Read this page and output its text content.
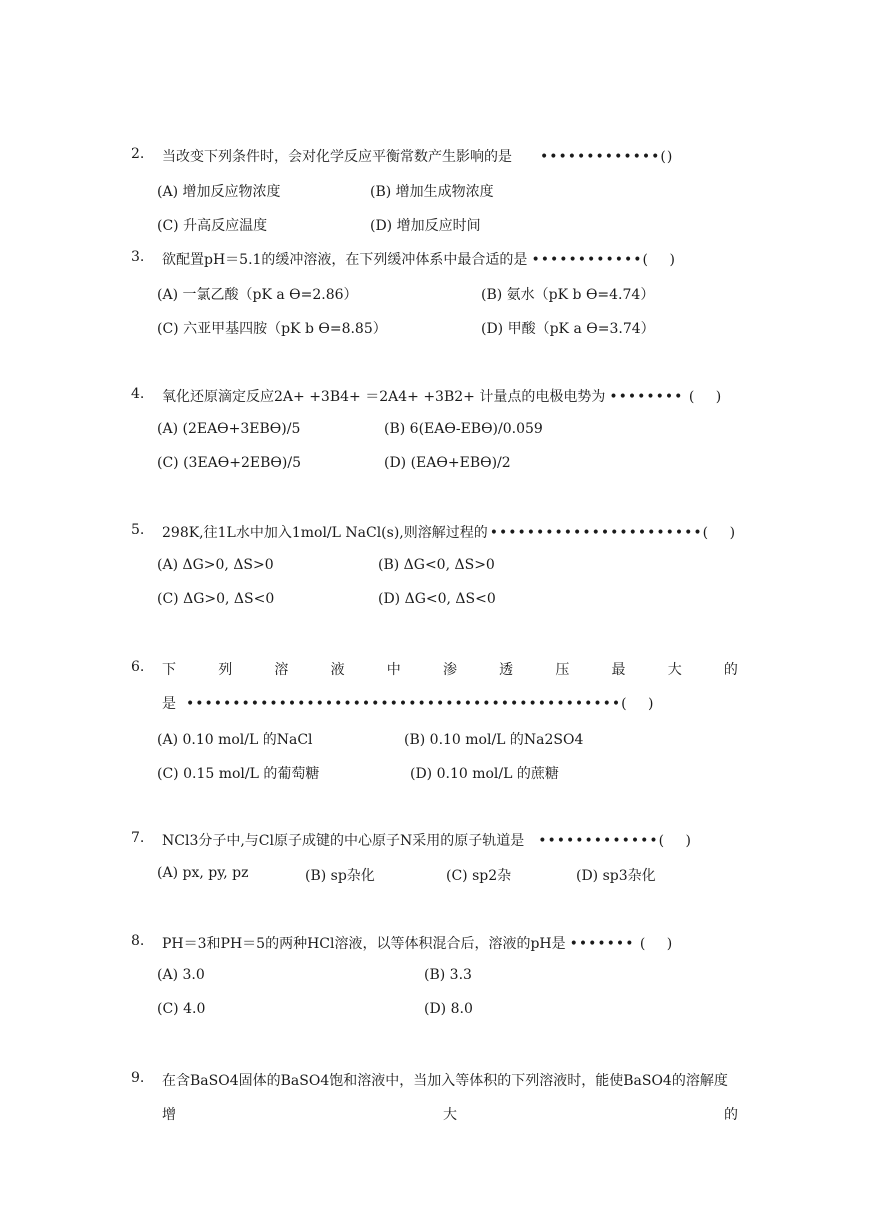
2. 当改变下列条件时，会对化学反应平衡常数产生影响的是 •••••••••••••()
(A) 增加反应物浓度	(B) 增加生成物浓度
(C) 升高反应温度	(D) 增加反应时间
3. 欲配置pH＝5.1的缓冲溶液，在下列缓冲体系中最合适的是 ••••••••••••(　 )
(A) 一氯乙酸（pK a ϴ=2.86）	(B) 氨水（pK b ϴ=4.74）
(C) 六亚甲基四胺（pK b ϴ=8.85）	(D) 甲酸（pK a ϴ=3.74）
4. 氧化还原滴定反应2A+ +3B4+ ＝2A4+ +3B2+ 计量点的电极电势为 •••••••• (　 )
(A) (2EAϴ+3EBϴ)/5	(B) 6(EAϴ-EBϴ)/0.059
(C) (3EAϴ+2EBϴ)/5	(D) (EAϴ+EBϴ)/2
5. 298K,往1L水中加入1mol/L NaCl(s),则溶解过程的 •••••••••••••••••••••••(　 )
(A) ΔG>0, ΔS>0	(B) ΔG<0, ΔS>0
(C) ΔG>0, ΔS<0	(D) ΔG<0, ΔS<0
6. 下	列	溶	液	中	渗	透	压	最	大	的
是 •••••••••••••••••••••••••••••••••••••••••••••••(　 )
(A) 0.10 mol/L 的NaCl	(B) 0.10 mol/L 的Na2SO4
(C) 0.15 mol/L 的葡萄糖	(D) 0.10 mol/L 的蔗糖
7. NCl3分子中,与Cl原子成键的中心原子N采用的原子轨道是 •••••••••••••(　 )
(A) px, py, pz	(B) sp杂化	(C) sp2杂	(D) sp3杂化
8. PH＝3和PH＝5的两种HCl溶液，以等体积混合后，溶液的pH是 ••••••• (　 )
(A) 3.0	(B) 3.3
(C) 4.0	(D) 8.0
9. 在含BaSO4固体的BaSO4饱和溶液中，当加入等体积的下列溶液时，能使BaSO4的溶解度
增	大	的
